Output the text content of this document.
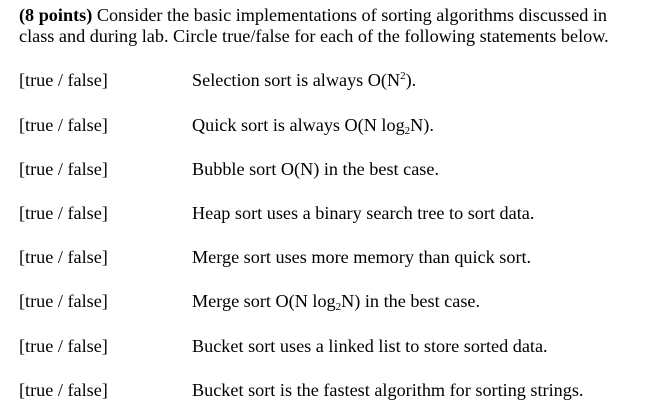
(8 points) Consider the basic implementations of sorting algorithms discussed in
class and during lab. Circle true/false for each of the following statements below.
[true / false]	Selection sort is always $O(N^2)$.
[true / false]	Quick sort is always O(N $\log_2N$).
[true / false]	Bubble sort O(N) in the best case.
[true / false]	Heap sort uses a binary search tree to sort data.
[true / false]	Merge sort uses more memory than quick sort.
[true / false]	Merge sort O(N $\log_2N$) in the best case.
[true / false]	Bucket sort uses a linked list to store sorted data.
[true / false]	Bucket sort is the fastest algorithm for sorting strings.
